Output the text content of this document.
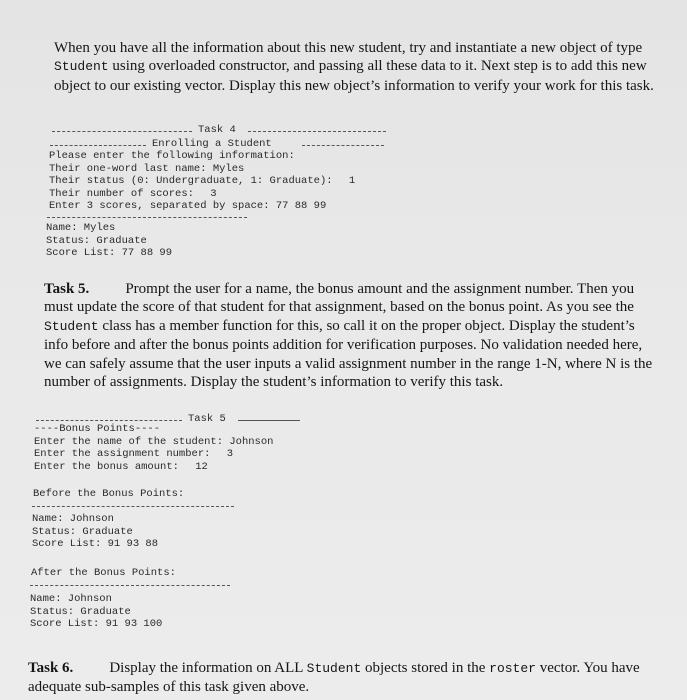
When you have all the information about this new student, try and instantiate a new object of type Student using overloaded constructor, and passing all these data to it. Next step is to add this new object to our existing vector. Display this new object’s information to verify your work for this task.

Task 4
Enrolling a Student
Please enter the following information:
Their one-word last name: Myles
Their status (0: Undergraduate, 1: Graduate): 1
Their number of scores: 3
Enter 3 scores, separated by space: 77 88 99
Name: Myles
Status: Graduate
Score List: 77 88 99

Task 5. Prompt the user for a name, the bonus amount and the assignment number. Then you must update the score of that student for that assignment, based on the bonus point. As you see the Student class has a member function for this, so call it on the proper object. Display the student’s info before and after the bonus points addition for verification purposes. No validation needed here, we can safely assume that the user inputs a valid assignment number in the range 1-N, where N is the number of assignments. Display the student’s information to verify this task.

Task 5
----Bonus Points----
Enter the name of the student: Johnson
Enter the assignment number: 3
Enter the bonus amount: 12
Before the Bonus Points:
Name: Johnson
Status: Graduate
Score List: 91 93 88
After the Bonus Points:
Name: Johnson
Status: Graduate
Score List: 91 93 100

Task 6. Display the information on ALL Student objects stored in the roster vector. You have adequate sub-samples of this task given above.
